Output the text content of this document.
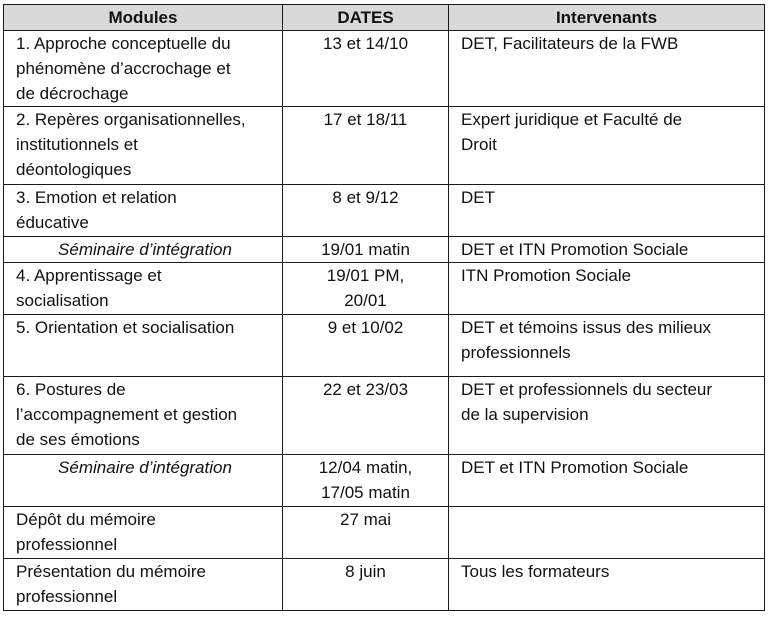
Modules	DATES	Intervenants

1. Approche conceptuelle du
phénomène d’accrochage et
de décrochage	13 et 14/10	DET, Facilitateurs de la FWB

2. Repères organisationnelles,
institutionnels et
déontologiques	17 et 18/11	Expert juridique et Faculté de
Droit

3. Emotion et relation
éducative	8 et 9/12	DET

Séminaire d’intégration	19/01 matin	DET et ITN Promotion Sociale

4. Apprentissage et
socialisation	19/01 PM,
20/01	ITN Promotion Sociale

5. Orientation et socialisation	9 et 10/02	DET et témoins issus des milieux
professionnels

6. Postures de
l’accompagnement et gestion
de ses émotions	22 et 23/03	DET et professionnels du secteur
de la supervision

Séminaire d’intégration	12/04 matin,
17/05 matin	DET et ITN Promotion Sociale

Dépôt du mémoire
professionnel	27 mai	

Présentation du mémoire
professionnel	8 juin	Tous les formateurs
